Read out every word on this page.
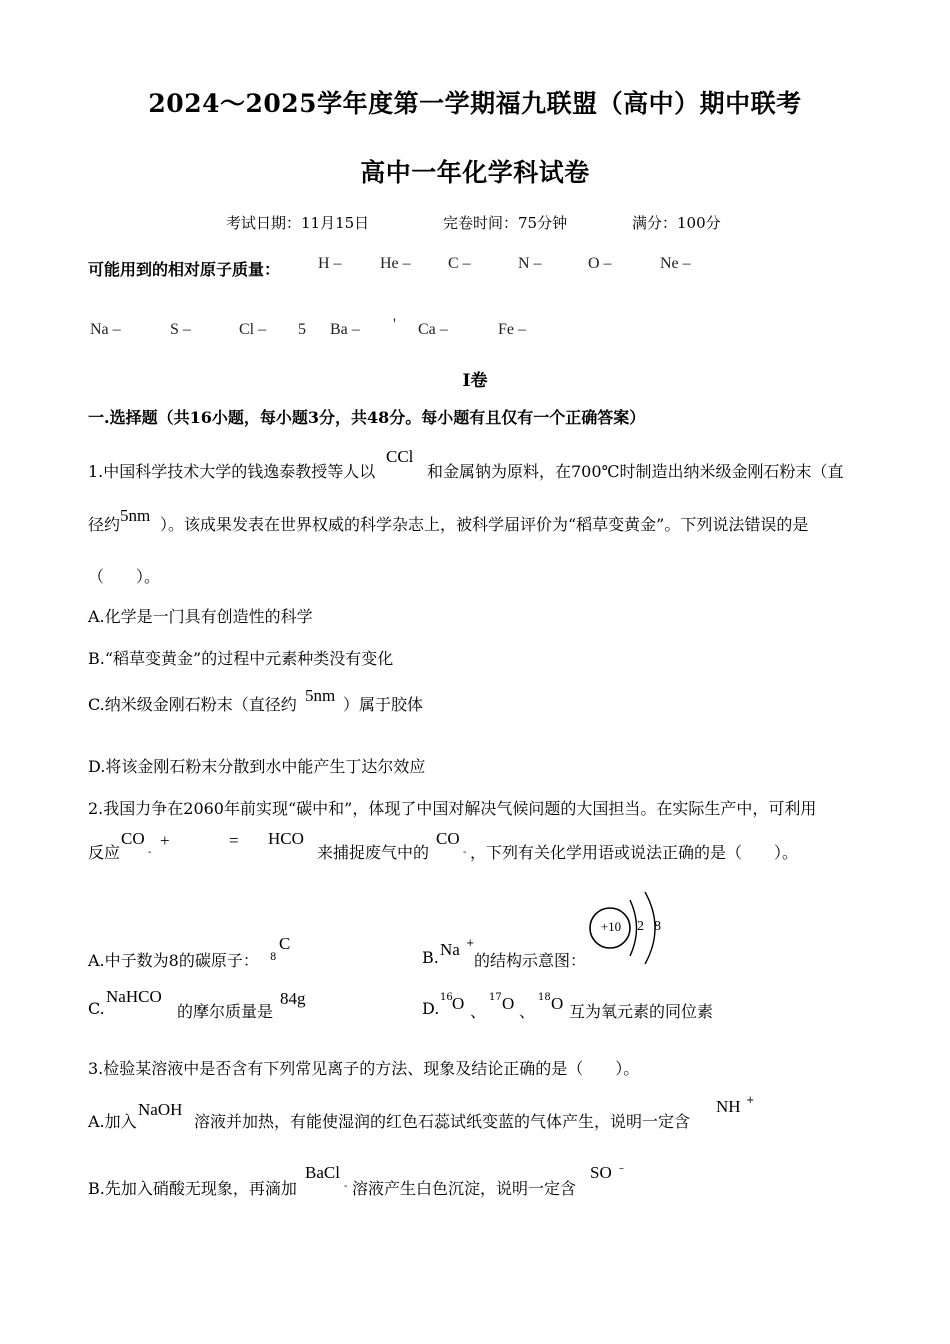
2024～2025学年度第一学期福九联盟（高中）期中联考
高中一年化学科试卷
考试日期：11月15日	完卷时间：75分钟	满分：100分
可能用到的相对原子质量： H – He – C –	N –	O –	Ne –
Na –	S –	Cl – 5 Ba – ' Ca –	Fe –
Ⅰ卷
一.选择题（共16小题，每小题3分，共48分。每小题有且仅有一个正确答案）
1.中国科学技术大学的钱逸泰教授等人以
CCl
和金属钠为原料，在700℃时制造出纳米级金刚石粉末（直
径约 5nm ）。该成果发表在世界权威的科学杂志上，被科学届评价为“稻草变黄金”。下列说法错误的是
（　　）。
A.化学是一门具有创造性的科学
B.“稻草变黄金”的过程中元素种类没有变化
C.纳米级金刚石粉末（直径约 5nm ）属于胶体
D.将该金刚石粉末分散到水中能产生丁达尔效应
2.我国力争在2060年前实现“碳中和”，体现了中国对解决气候问题的大国担当。在实际生产中，可利用
反应
CO
-
+	= HCO
来捕捉废气中的
CO
- ，下列有关化学用语或说法正确的是（　　）。
A.中子数为8的碳原子： 8
C
B. Na +
的结构示意图：
+10	2 8
C.
NaHCO
的摩尔质量是
84g
D.
16 O 、
17 O 、
18 O 互为氧元素的同位素
3.检验某溶液中是否含有下列常见离子的方法、现象及结论正确的是（　　）。
A.加入
NaOH
溶液并加热，有能使湿润的红色石蕊试纸变蓝的气体产生，说明一定含
NH +
B.先加入硝酸无现象，再滴加
BaCl
- 溶液产生白色沉淀，说明一定含
SO –
